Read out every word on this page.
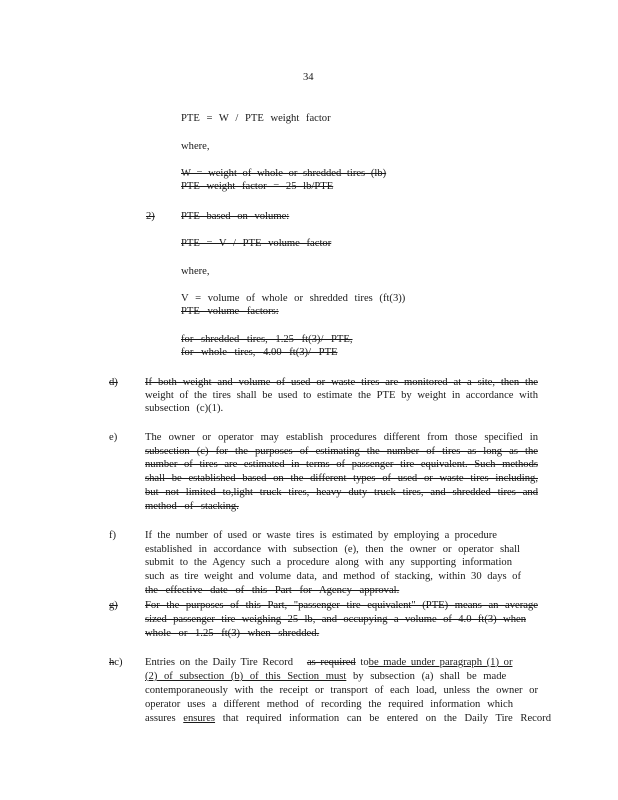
34
PTE = W / PTE weight factor
where,
W = weight of whole or shredded tires (lb)
PTE weight factor = 25 lb/PTE
2) PTE based on volume:
PTE = V / PTE volume factor
where,
V = volume of whole or shredded tires (ft(3))
PTE volume factors:
for shredded tires, 1.25 ft(3)/ PTE,
for whole tires, 4.00 ft(3)/ PTE
d)	If both weight and volume of used or waste tires are monitored at a site, then the
weight of the tires shall be used to estimate the PTE by weight in accordance with
subsection (c)(1).
e)	The owner or operator may establish procedures different from those specified in
subsection (c) for the purposes of estimating the number of tires as long as the
number of tires are estimated in terms of passenger tire equivalent. Such methods
shall be established based on the different types of used or waste tires including,
but not limited to,light truck tires, heavy duty truck tires, and shredded tires and
method of stacking.
f)	If the number of used or waste tires is estimated by employing a procedure
established in accordance with subsection (e), then the owner or operator shall
submit to the Agency such a procedure along with any supporting information
such as tire weight and volume data, and method of stacking, within 30 days of
the effective date of this Part for Agency approval.
g)	For the purposes of this Part, "passenger tire equivalent" (PTE) means an average
sized passenger tire weighing 25 lb, and occupying a volume of 4.0 ft(3) when
whole or 1.25 ft(3) when shredded.
hc) Entries on the Daily Tire Record as required tobe made under paragraph (1) or
(2) of subsection (b) of this Section must by subsection (a) shall be made
contemporaneously with the receipt or transport of each load, unless the owner or
operator uses a different method of recording the required information which
assures ensures that required information can be entered on the Daily Tire Record
